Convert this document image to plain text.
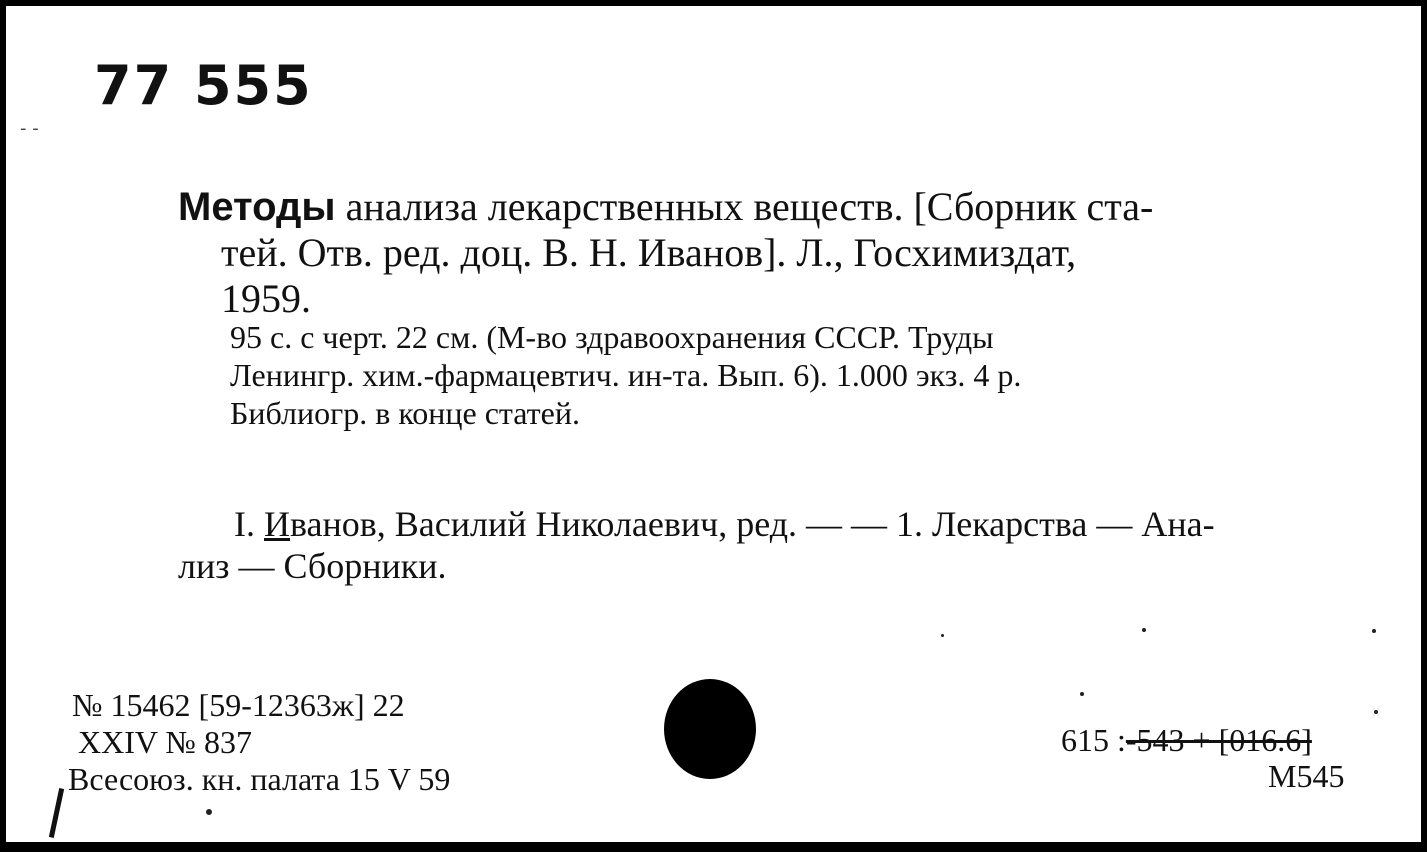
- -
77 555
Методы анализа лекарственных веществ. [Сборник ста-
тей. Отв. ред. доц. В. Н. Иванов]. Л., Госхимиздат,
1959.
95 с. с черт. 22 см. (М-во здравоохранения СССР. Труды
Ленингр. хим.-фармацевтич. ин-та. Вып. 6). 1.000 экз. 4 р.
Библиогр. в конце статей.
I. Иванов, Василий Николаевич, ред. — — 1. Лекарства — Ана-
лиз — Сборники.
№ 15462 [59-12363ж] 22
XXIV № 837
Всесоюз. кн. палата 15 V 59
615 :-543 + [016.6]
M545
